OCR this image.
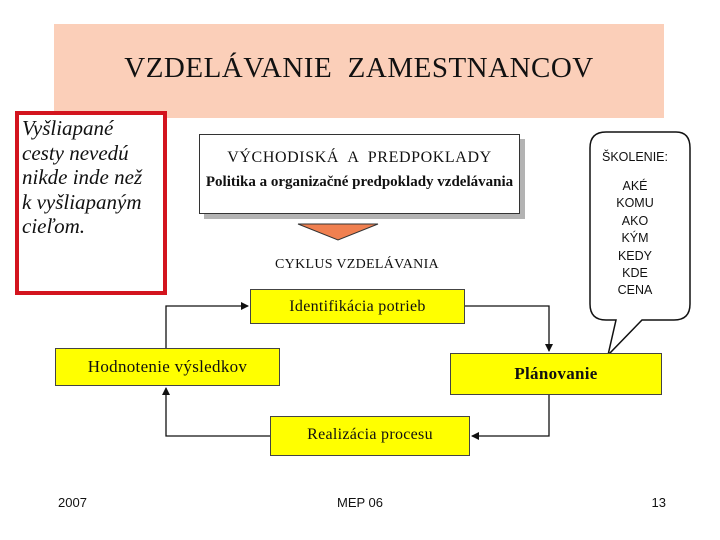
VZDELÁVANIE  ZAMESTNANCOV
Vyšliapané
cesty nevedú
nikde inde než
k vyšliapaným
cieľom.
VÝCHODISKÁ  A  PREDPOKLADY
Politika a organizačné predpoklady vzdelávania
CYKLUS VZDELÁVANIA
Identifikácia potrieb
Hodnotenie výsledkov	Plánovanie
Realizácia procesu
ŠKOLENIE:
AKÉ
KOMU
AKO
KÝM
KEDY
KDE
CENA
2007	MEP 06	13
